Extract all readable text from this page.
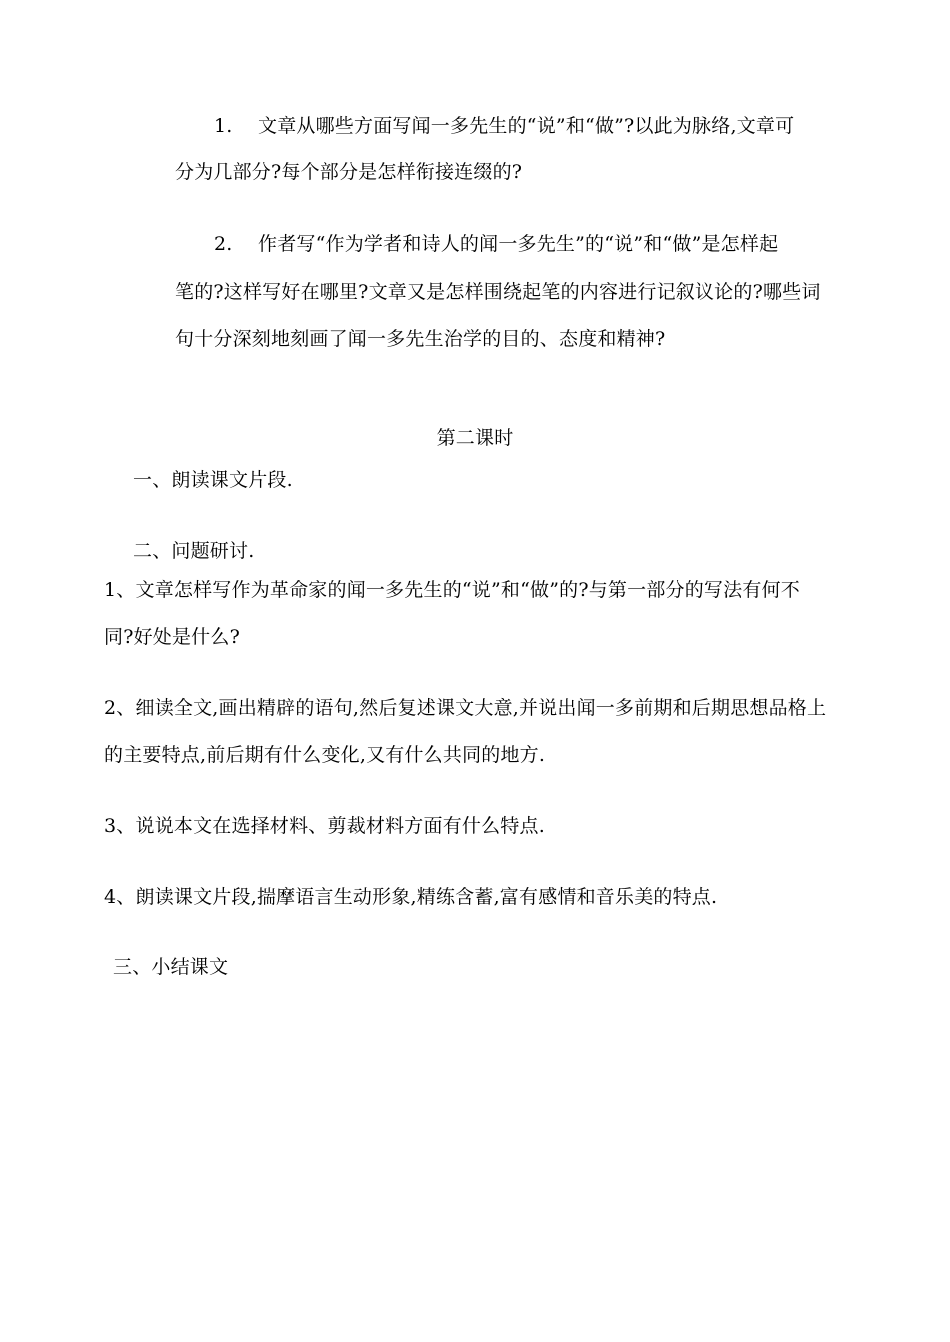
1. 文章从哪些方面写闻一多先生的“说”和“做”?以此为脉络,文章可
分为几部分?每个部分是怎样衔接连缀的?
2. 作者写“作为学者和诗人的闻一多先生”的“说”和“做”是怎样起
笔的?这样写好在哪里?文章又是怎样围绕起笔的内容进行记叙议论的?哪些词
句十分深刻地刻画了闻一多先生治学的目的、态度和精神?
第二课时
一、朗读课文片段.
二、问题研讨.
1、文章怎样写作为革命家的闻一多先生的“说”和“做”的?与第一部分的写法有何不
同?好处是什么?
2、细读全文,画出精辟的语句,然后复述课文大意,并说出闻一多前期和后期思想品格上
的主要特点,前后期有什么变化,又有什么共同的地方.
3、说说本文在选择材料、剪裁材料方面有什么特点.
4、朗读课文片段,揣摩语言生动形象,精练含蓄,富有感情和音乐美的特点.
三、小结课文
